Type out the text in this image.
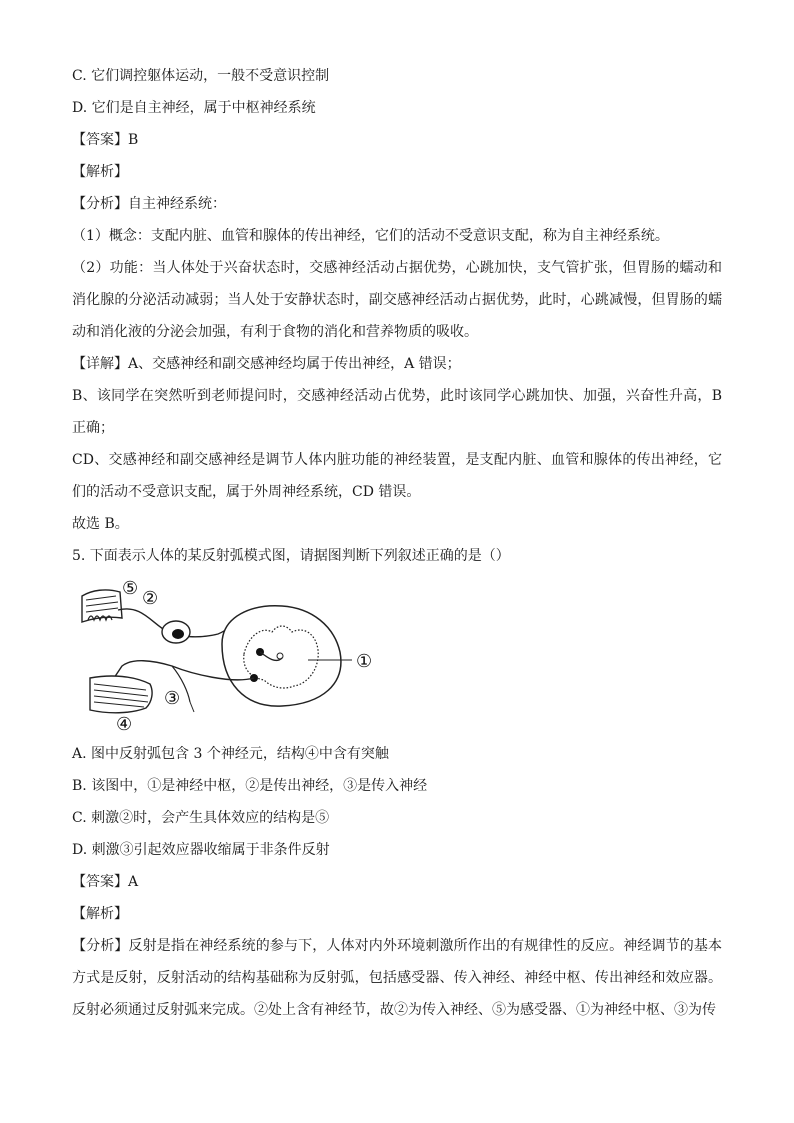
C. 它们调控躯体运动，一般不受意识控制
D. 它们是自主神经，属于中枢神经系统
【答案】B
【解析】
【分析】自主神经系统：
（1）概念：支配内脏、血管和腺体的传出神经，它们的活动不受意识支配，称为自主神经系统。
（2）功能：当人体处于兴奋状态时，交感神经活动占据优势，心跳加快，支气管扩张，但胃肠的蠕动和消化腺的分泌活动减弱；当人处于安静状态时，副交感神经活动占据优势，此时，心跳减慢，但胃肠的蠕动和消化液的分泌会加强，有利于食物的消化和营养物质的吸收。
【详解】A、交感神经和副交感神经均属于传出神经，A 错误；
B、该同学在突然听到老师提问时，交感神经活动占优势，此时该同学心跳加快、加强，兴奋性升高，B 正确；
CD、交感神经和副交感神经是调节人体内脏功能的神经装置，是支配内脏、血管和腺体的传出神经，它们的活动不受意识支配，属于外周神经系统，CD 错误。
故选 B。
5. 下面表示人体的某反射弧模式图，请据图判断下列叙述正确的是（）
⑤ ②
①
③
④
A. 图中反射弧包含 3 个神经元，结构④中含有突触
B. 该图中，①是神经中枢，②是传出神经，③是传入神经
C. 刺激②时，会产生具体效应的结构是⑤
D. 刺激③引起效应器收缩属于非条件反射
【答案】A
【解析】
【分析】反射是指在神经系统的参与下，人体对内外环境刺激所作出的有规律性的反应。神经调节的基本方式是反射，反射活动的结构基础称为反射弧，包括感受器、传入神经、神经中枢、传出神经和效应器。反射必须通过反射弧来完成。②处上含有神经节，故②为传入神经、⑤为感受器、①为神经中枢、③为传
